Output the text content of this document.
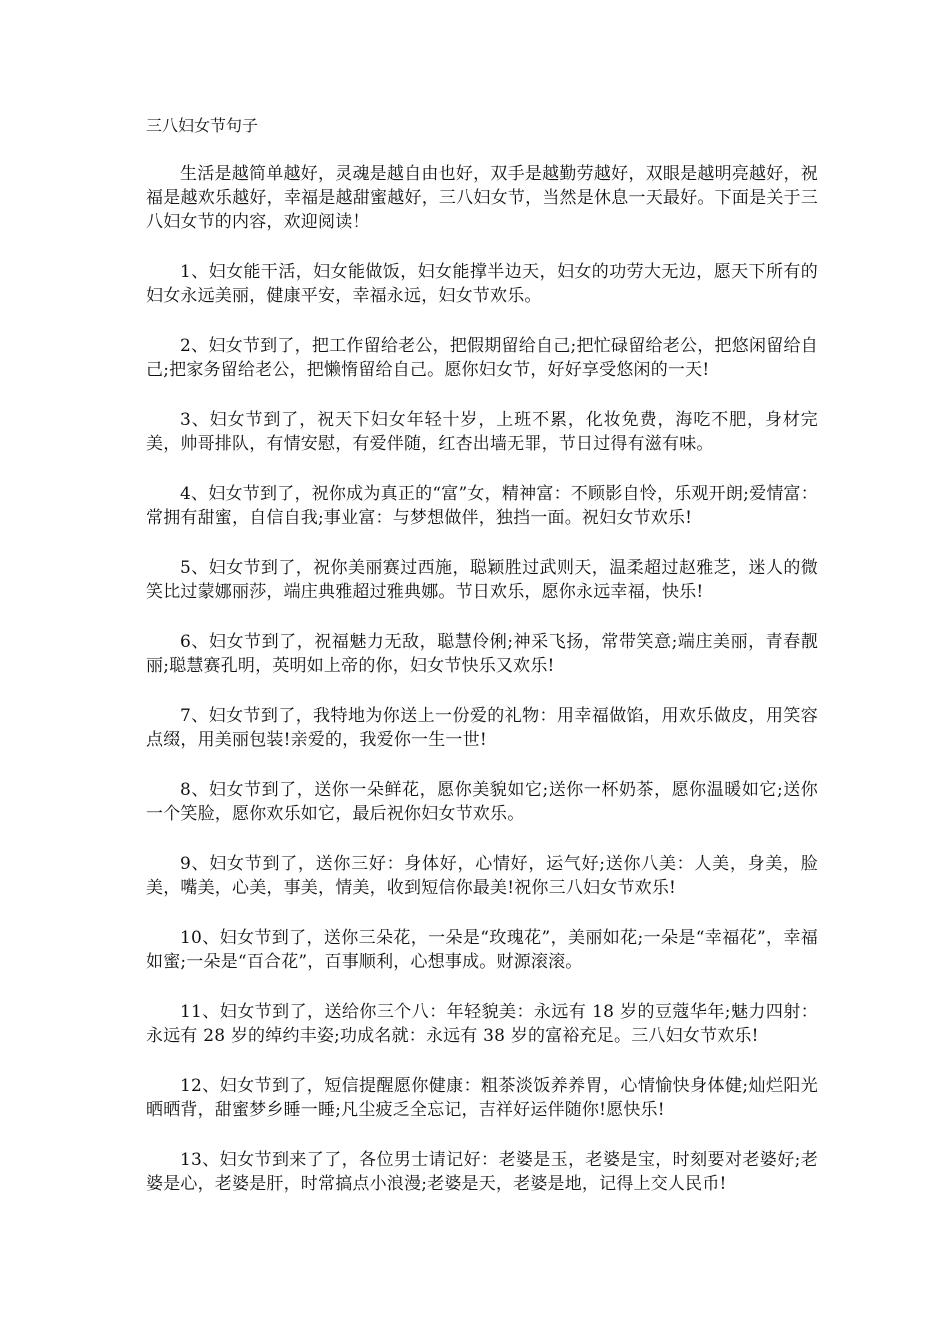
三八妇女节句子

生活是越简单越好，灵魂是越自由也好，双手是越勤劳越好，双眼是越明亮越好，祝福是越欢乐越好，幸福是越甜蜜越好，三八妇女节，当然是休息一天最好。下面是关于三八妇女节的内容，欢迎阅读！

1、妇女能干活，妇女能做饭，妇女能撑半边天，妇女的功劳大无边，愿天下所有的妇女永远美丽，健康平安，幸福永远，妇女节欢乐。

2、妇女节到了，把工作留给老公，把假期留给自己;把忙碌留给老公，把悠闲留给自己;把家务留给老公，把懒惰留给自己。愿你妇女节，好好享受悠闲的一天!

3、妇女节到了，祝天下妇女年轻十岁，上班不累，化妆免费，海吃不肥，身材完美，帅哥排队，有情安慰，有爱伴随，红杏出墙无罪，节日过得有滋有味。

4、妇女节到了，祝你成为真正的“富”女，精神富：不顾影自怜，乐观开朗;爱情富：常拥有甜蜜，自信自我;事业富：与梦想做伴，独挡一面。祝妇女节欢乐!

5、妇女节到了，祝你美丽赛过西施，聪颖胜过武则天，温柔超过赵雅芝，迷人的微笑比过蒙娜丽莎，端庄典雅超过雅典娜。节日欢乐，愿你永远幸福，快乐!

6、妇女节到了，祝福魅力无敌，聪慧伶俐;神采飞扬，常带笑意;端庄美丽，青春靓丽;聪慧赛孔明，英明如上帝的你，妇女节快乐又欢乐!

7、妇女节到了，我特地为你送上一份爱的礼物：用幸福做馅，用欢乐做皮，用笑容点缀，用美丽包装!亲爱的，我爱你一生一世!

8、妇女节到了，送你一朵鲜花，愿你美貌如它;送你一杯奶茶，愿你温暖如它;送你一个笑脸，愿你欢乐如它，最后祝你妇女节欢乐。

9、妇女节到了，送你三好：身体好，心情好，运气好;送你八美：人美，身美，脸美，嘴美，心美，事美，情美，收到短信你最美!祝你三八妇女节欢乐!

10、妇女节到了，送你三朵花，一朵是“玫瑰花”，美丽如花;一朵是“幸福花”，幸福如蜜;一朵是“百合花”，百事顺利，心想事成。财源滚滚。

11、妇女节到了，送给你三个八：年轻貌美：永远有 18 岁的豆蔻华年;魅力四射：永远有 28 岁的绰约丰姿;功成名就：永远有 38 岁的富裕充足。三八妇女节欢乐!

12、妇女节到了，短信提醒愿你健康：粗茶淡饭养养胃，心情愉快身体健;灿烂阳光晒晒背，甜蜜梦乡睡一睡;凡尘疲乏全忘记，吉祥好运伴随你!愿快乐!

13、妇女节到来了了，各位男士请记好：老婆是玉，老婆是宝，时刻要对老婆好;老婆是心，老婆是肝，时常搞点小浪漫;老婆是天，老婆是地，记得上交人民币!
